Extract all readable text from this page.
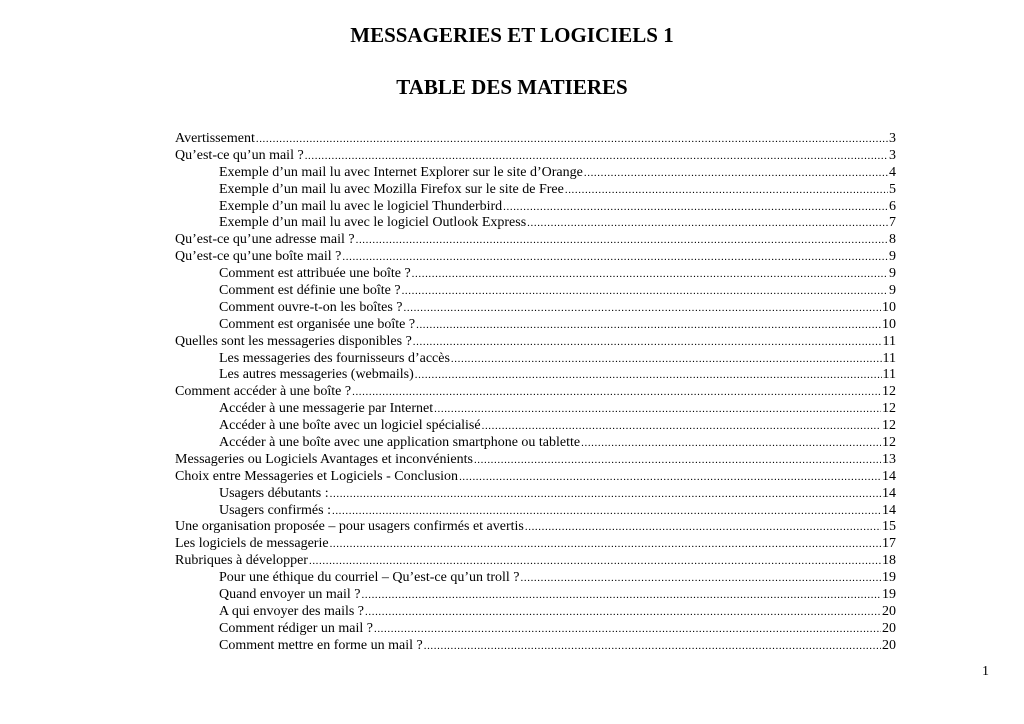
MESSAGERIES ET LOGICIELS 1
TABLE DES MATIERES
Avertissement .....	3
Qu’est-ce qu’un mail ? .....	3
Exemple d’un mail lu avec Internet Explorer sur le site d’Orange .....	4
Exemple d’un mail lu avec Mozilla Firefox sur le site de Free .....	5
Exemple d’un mail lu avec le logiciel Thunderbird .....	6
Exemple d’un mail lu avec le logiciel Outlook Express .....	7
Qu’est-ce qu’une adresse mail ? .....	8
Qu’est-ce qu’une boîte mail ? .....	9
Comment est attribuée une boîte ? .....	9
Comment est définie une boîte ? .....	9
Comment ouvre-t-on les boîtes ? .....	10
Comment est organisée une boîte ? .....	10
Quelles sont les messageries disponibles ? .....	11
Les messageries des fournisseurs d’accès .....	11
Les autres messageries (webmails) .....	11
Comment accéder à une boîte ? .....	12
Accéder à une messagerie par Internet .....	12
Accéder à une boîte avec un logiciel spécialisé .....	12
Accéder à une boîte avec une application smartphone ou tablette .....	12
Messageries ou Logiciels Avantages et inconvénients .....	13
Choix entre Messageries et Logiciels - Conclusion .....	14
Usagers débutants : .....	14
Usagers confirmés : .....	14
Une organisation proposée – pour usagers confirmés et avertis .....	15
Les logiciels de messagerie .....	17
Rubriques à développer .....	18
Pour une éthique du courriel – Qu’est-ce qu’un troll ? .....	19
Quand envoyer un mail ? .....	19
A qui envoyer des mails ? .....	20
Comment rédiger un mail ? .....	20
Comment mettre en forme un mail ? .....	20
1
